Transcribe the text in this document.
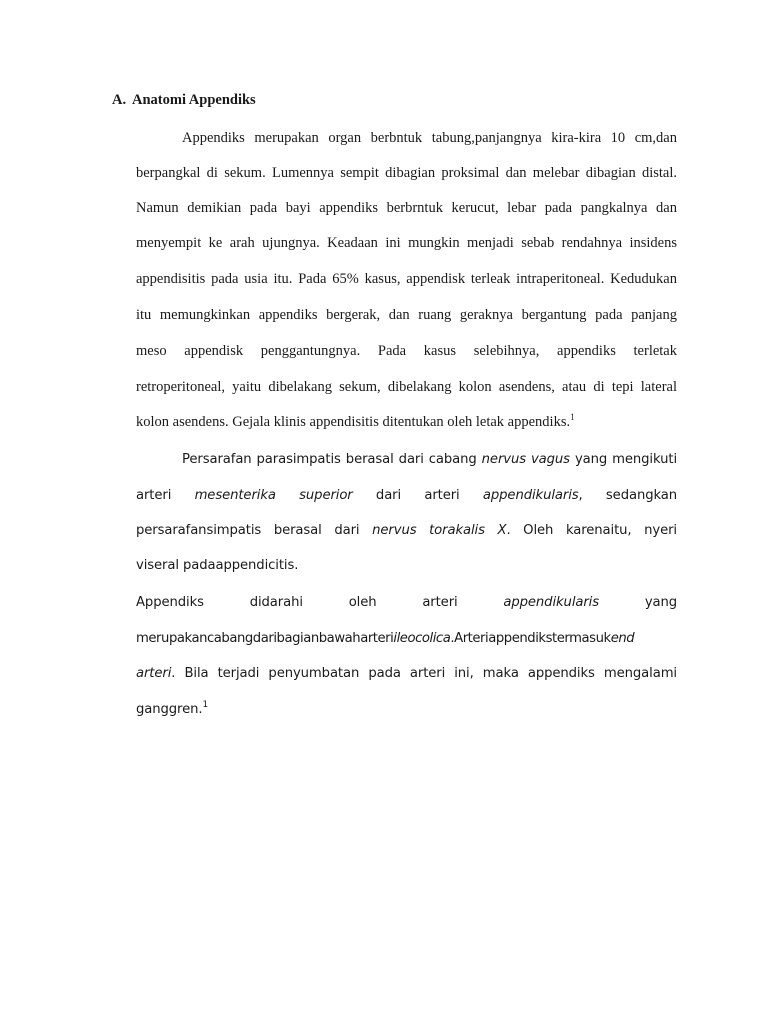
A. Anatomi Appendiks
Appendiks merupakan organ berbntuk tabung,panjangnya kira-kira 10 cm,dan
berpangkal di sekum. Lumennya sempit dibagian proksimal dan melebar dibagian distal.
Namun demikian pada bayi appendiks berbrntuk kerucut, lebar pada pangkalnya dan
menyempit ke arah ujungnya. Keadaan ini mungkin menjadi sebab rendahnya insidens
appendisitis pada usia itu. Pada 65% kasus, appendisk terleak intraperitoneal. Kedudukan
itu memungkinkan appendiks bergerak, dan ruang geraknya bergantung pada panjang
meso appendisk penggantungnya. Pada kasus selebihnya, appendiks terletak
retroperitoneal, yaitu dibelakang sekum, dibelakang kolon asendens, atau di tepi lateral
kolon asendens. Gejala klinis appendisitis ditentukan oleh letak appendiks.$^1$
Persarafan parasimpatis berasal dari cabang nervus vagus yang mengikuti
arteri mesenterika superior dari arteri appendikularis, sedangkan
persarafansimpatis berasal dari nervus torakalis X. Oleh karenaitu, nyeri
viseral padaappendicitis.
Appendiks	didarahi	oleh	arteri	appendikularis	yang
merupakancabangdaribagianbawaharteriileocolica.Arteriappendikstermasukend
arteri. Bila terjadi penyumbatan pada arteri ini, maka appendiks mengalami
ganggren.$^1$
